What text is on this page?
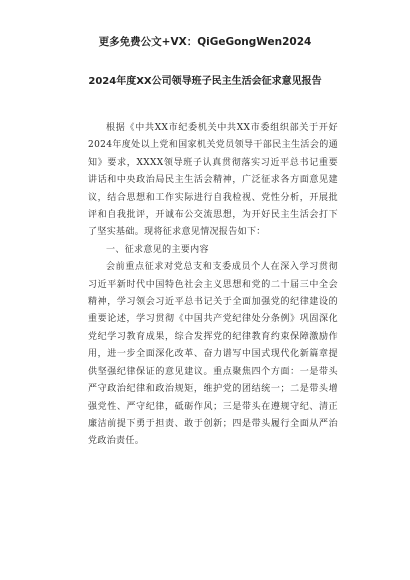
更多免费公文+VX：QiGeGongWen2024
2024年度XX公司领导班子民主生活会征求意见报告

根据《中共XX市纪委机关中共XX市委组织部关于开好2024年度处以上党和国家机关党员领导干部民主生活会的通知》要求，XXXX领导班子认真贯彻落实习近平总书记重要讲话和中央政治局民主生活会精神，广泛征求各方面意见建议，结合思想和工作实际进行自我检视、党性分析，开展批评和自我批评，开诚布公交流思想，为开好民主生活会打下了坚实基础。现将征求意见情况报告如下：

一、征求意见的主要内容

会前重点征求对党总支和支委成员个人在深入学习贯彻习近平新时代中国特色社会主义思想和党的二十届三中全会精神，学习领会习近平总书记关于全面加强党的纪律建设的重要论述，学习贯彻《中国共产党纪律处分条例》巩固深化党纪学习教育成果，综合发挥党的纪律教育约束保障激励作用，进一步全面深化改革、奋力谱写中国式现代化新篇章提供坚强纪律保证的意见建议。重点聚焦四个方面：一是带头严守政治纪律和政治规矩，维护党的团结统一；二是带头增强党性、严守纪律，砥砺作风；三是带头在遵规守纪、清正廉洁前提下勇于担责、敢于创新；四是带头履行全面从严治党政治责任。
